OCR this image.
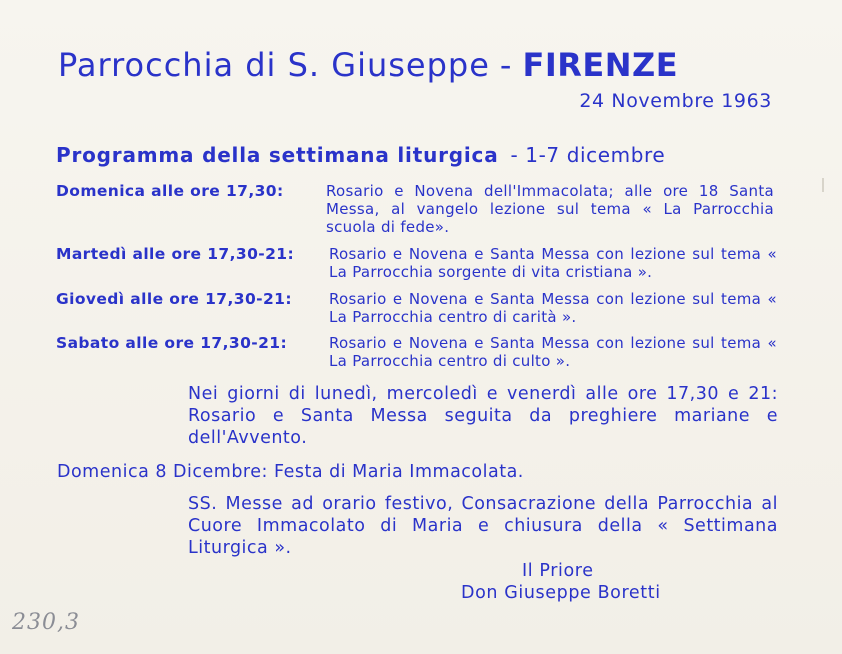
Parrocchia di S. Giuseppe - FIRENZE
24 Novembre 1963
Programma della settimana liturgica - 1-7 dicembre
Domenica alle ore 17,30:	Rosario e Novena dell'Immacolata; alle ore 18 Santa Messa, al vangelo lezione sul tema « La Parrocchia scuola di fede».
Martedì alle ore 17,30-21: Rosario e Novena e Santa Messa con lezione sul tema « La Parrocchia sorgente di vita cristiana ».
Giovedì alle ore 17,30-21: Rosario e Novena e Santa Messa con lezione sul tema « La Parrocchia centro di carità ».
Sabato alle ore 17,30-21:	Rosario e Novena e Santa Messa con lezione sul tema « La Parrocchia centro di culto ».
Nei giorni di lunedì, mercoledì e venerdì alle ore 17,30 e 21: Rosario e Santa Messa seguita da preghiere mariane e dell'Avvento.
Domenica 8 Dicembre: Festa di Maria Immacolata.
SS. Messe ad orario festivo, Consacrazione della Parrocchia al Cuore Immacolato di Maria e chiusura della « Settimana Liturgica ».
Il Priore
Don Giuseppe Boretti
230,3
